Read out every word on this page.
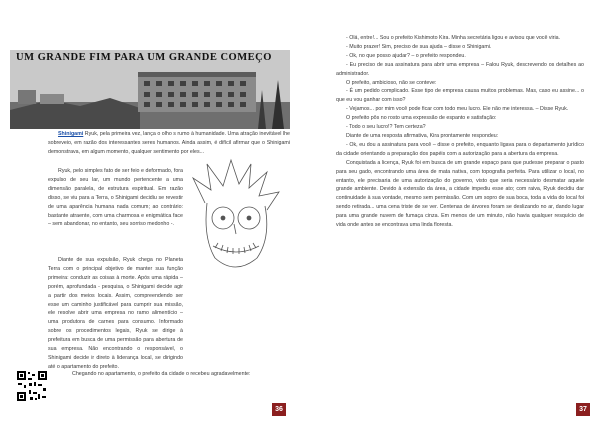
UM GRANDE FIM PARA UM GRANDE COMEÇO

Shinigami Ryuk, pela primeira vez, lança o olho s rumo à humanidade. Uma atração inevitável lhe sobreveio, em razão dos interessantes seres humanos. Ainda assim, é difícil afirmar que o Shinigami demonstrava, em algum momento, qualquer sentimento por eles...

Ryuk, pelo simples fato de ser feio e deformado, fora expulso de seu lar, um mundo pertencente a uma dimensão paralela, de estrutura espiritual. Em razão disso, se viu para a Terra, o Shinigami decidiu se revestir de uma aparência humana nada comum; ao contrário: bastante atraente, com uma charmosa e enigmática face – sem abandonar, no entanto, seu sorriso medonho -.

Diante de sua expulsão, Ryuk chega no Planeta Terra com o principal objetivo de manter sua função primeira: conduzir as coisas à morte. Após uma rápida – porém, aprofundada - pesquisa, o Shinigami decide agir a partir dos meios locais. Assim, compreendendo ser esse um caminho justificável para cumprir sua missão, ele resolve abrir uma empresa no ramo alimentício – uma produtora de carnes para consumo. Informado sobre os procedimentos legais, Ryuk se dirige à prefeitura em busca de uma permissão para abertura de sua empresa. Não encontrando o responsável, o Shinigami decide ir direto à liderança local, se dirigindo até o apartamento do prefeito.

Chegando no apartamento, o prefeito da cidade o recebeu agradavelmente:

36

- Olá, entre!... Sou o prefeito Kishimoto Kira. Minha secretária ligou e avisou que você viria.

- Muito prazer! Sim, preciso de sua ajuda – disse o Shinigami.

- Ok, no que posso ajudar? – o prefeito respondeu.

- Eu preciso de sua assinatura para abrir uma empresa – Falou Ryuk, descrevendo os detalhes ao administrador.

O prefeito, ambicioso, não se conteve:

- É um pedido complicado. Esse tipo de empresa causa muitos problemas. Mas, caso eu assine... o que eu vou ganhar com isso?

- Vejamos... por mim você pode ficar com todo meu lucro. Ele não me interessa. – Disse Ryuk.

O prefeito pôs no rosto uma expressão de espanto e satisfação:

- Todo o seu lucro!? Tem certeza?

Diante de uma resposta afirmativa, Kira prontamente respondeu:

- Ok, eu dou a assinatura para você – disse o prefeito, enquanto ligava para o departamento jurídico da cidade orientando a preparação dos papéis com a autorização para a abertura da empresa.

Conquistada a licença, Ryuk foi em busca de um grande espaço para que pudesse preparar o pasto para seu gado, encontrando uma área de mata nativa, com topografia perfeita. Para utilizar o local, no entanto, ele precisaria de uma autorização do governo, visto que seria necessário desmatar aquele grande ambiente. Devido à extensão da área, a cidade impediu esse ato; com raiva, Ryuk decidiu dar continuidade à sua vontade, mesmo sem permissão. Com um sopro de sua boca, toda a vida do local foi sendo retirada... uma cena triste de se ver. Centenas de árvores foram se deslizando no ar, dando lugar para uma grande nuvem de fumaça cinza. Em menos de um minuto, não havia qualquer resquício de vida onde antes se encontrava uma linda floresta.

37
